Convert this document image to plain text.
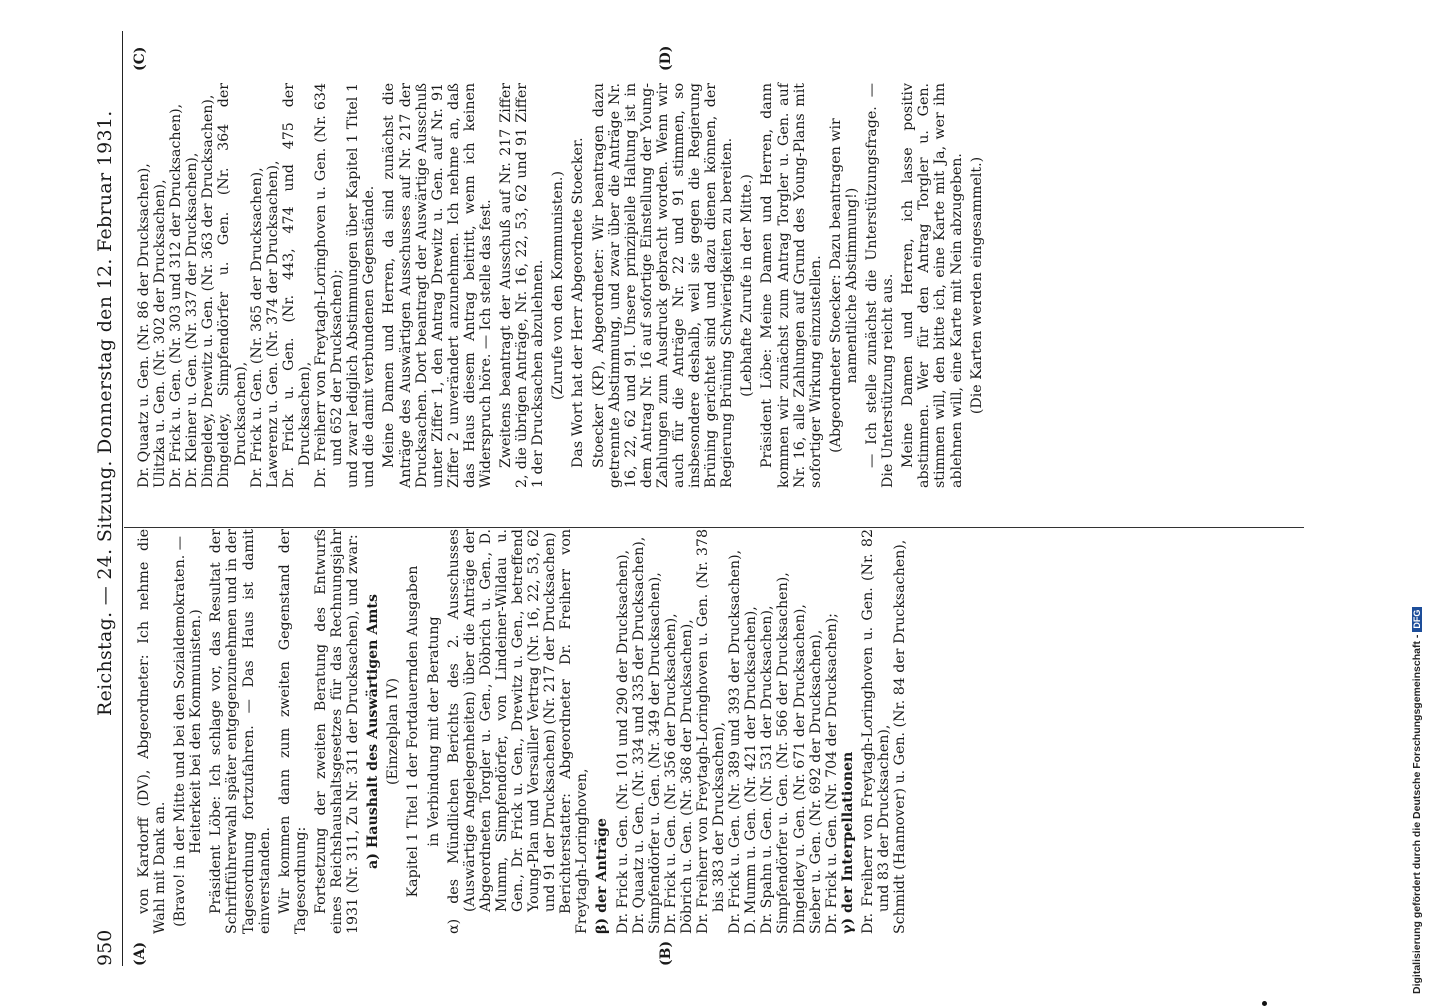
950
Reichstag. — 24. Sitzung. Donnerstag den 12. Februar 1931.
(A)	(B)
(C)	(D)

von Kardorff (DV), Abgeordneter: Ich nehme die Wahl mit Dank an. (Bravo! in der Mitte und bei den Sozialdemokraten. — Heiterkeit bei den Kommunisten.) Präsident Löbe: Ich schlage vor, das Resultat der Schriftführerwahl später entgegenzunehmen und in der Tagesordnung fortzufahren. — Das Haus ist damit einverstanden. Wir kommen dann zum zweiten Gegenstand der Tagesordnung: Fortsetzung der zweiten Beratung des Entwurfs eines Reichshaushaltsgesetzes für das Rechnungsjahr 1931 (Nr. 311, Zu Nr. 311 der Drucksachen), und zwar: a) Haushalt des Auswärtigen Amts (Einzelplan IV) Kapitel 1 Titel 1 der Fortdauernden Ausgaben in Verbindung mit der Beratung α) des Mündlichen Berichts des 2. Ausschusses (Auswärtige Angelegenheiten) über die Anträge der Abgeordneten Torgler u. Gen., Döbrich u. Gen., D. Mumm, Simpfendörfer, von Lindeiner-Wildau u. Gen., Dr. Frick u. Gen., Drewitz u. Gen., betreffend Young-Plan und Versailler Vertrag (Nr. 16, 22, 53, 62 und 91 der Drucksachen) (Nr. 217 der Drucksachen) Berichterstatter: Abgeordneter Dr. Freiherr von Freytagh-Loringhoven, β) der Anträge Dr. Frick u. Gen. (Nr. 101 und 290 der Drucksachen), Dr. Quaatz u. Gen. (Nr. 334 und 335 der Drucksachen), Simpfendörfer u. Gen. (Nr. 349 der Drucksachen), Dr. Frick u. Gen. (Nr. 356 der Drucksachen), Döbrich u. Gen. (Nr. 368 der Drucksachen), Dr. Freiherr von Freytagh-Loringhoven u. Gen. (Nr. 378 bis 383 der Drucksachen), Dr. Frick u. Gen. (Nr. 389 und 393 der Drucksachen), D. Mumm u. Gen. (Nr. 421 der Drucksachen), Dr. Spahn u. Gen. (Nr. 531 der Drucksachen), Simpfendörfer u. Gen. (Nr. 566 der Drucksachen), Dingeldey u. Gen. (Nr. 671 der Drucksachen), Sieber u. Gen. (Nr. 692 der Drucksachen), Dr. Frick u. Gen. (Nr. 704 der Drucksachen); γ) der Interpellationen Dr. Freiherr von Freytagh-Loringhoven u. Gen. (Nr. 82 und 83 der Drucksachen), Schmidt (Hannover) u. Gen. (Nr. 84 der Drucksachen),

Dr. Quaatz u. Gen. (Nr. 86 der Drucksachen), Ulitzka u. Gen. (Nr. 302 der Drucksachen), Dr. Frick u. Gen. (Nr. 303 und 312 der Drucksachen), Dr. Kleiner u. Gen. (Nr. 337 der Drucksachen), Dingeldey, Drewitz u. Gen. (Nr. 363 der Drucksachen), Dingeldey, Simpfendörfer u. Gen. (Nr. 364 der Drucksachen), Dr. Frick u. Gen. (Nr. 365 der Drucksachen), Lawerenz u. Gen. (Nr. 374 der Drucksachen), Dr. Frick u. Gen. (Nr. 443, 474 und 475 der Drucksachen), Dr. Freiherr von Freytagh-Loringhoven u. Gen. (Nr. 634 und 652 der Drucksachen); und zwar lediglich Abstimmungen über Kapitel 1 Titel 1 und die damit verbundenen Gegenstände. Meine Damen und Herren, da sind zunächst die Anträge des Auswärtigen Ausschusses auf Nr. 217 der Drucksachen. Dort beantragt der Auswärtige Ausschuß unter Ziffer 1, den Antrag Drewitz u. Gen. auf Nr. 91 Ziffer 2 unverändert anzunehmen. Ich nehme an, daß das Haus diesem Antrag beitritt, wenn ich keinen Widerspruch höre. — Ich stelle das fest. Zweitens beantragt der Ausschuß auf Nr. 217 Ziffer 2, die übrigen Anträge, Nr. 16, 22, 53, 62 und 91 Ziffer 1 der Drucksachen abzulehnen. (Zurufe von den Kommunisten.) Das Wort hat der Herr Abgeordnete Stoecker. Stoecker (KP), Abgeordneter: Wir beantragen dazu getrennte Abstimmung, und zwar über die Anträge Nr. 16, 22, 62 und 91. Unsere prinzipielle Haltung ist in dem Antrag Nr. 16 auf sofortige Einstellung der Young-Zahlungen zum Ausdruck gebracht worden. Wenn wir auch für die Anträge Nr. 22 und 91 stimmen, so insbesondere deshalb, weil sie gegen die Regierung Brüning gerichtet sind und dazu dienen können, der Regierung Brüning Schwierigkeiten zu bereiten. (Lebhafte Zurufe in der Mitte.) Präsident Löbe: Meine Damen und Herren, dann kommen wir zunächst zum Antrag Torgler u. Gen. auf Nr. 16, alle Zahlungen auf Grund des Young-Plans mit sofortiger Wirkung einzustellen. (Abgeordneter Stoecker: Dazu beantragen wir namentliche Abstimmung!) — Ich stelle zunächst die Unterstützungsfrage. — Die Unterstützung reicht aus. Meine Damen und Herren, ich lasse positiv abstimmen. Wer für den Antrag Torgler u. Gen. stimmen will, den bitte ich, eine Karte mit Ja, wer ihn ablehnen will, eine Karte mit Nein abzugeben. (Die Karten werden eingesammelt.)

Digitalisierung gefördert durch die Deutsche Forschungsgemeinschaft -DFG
